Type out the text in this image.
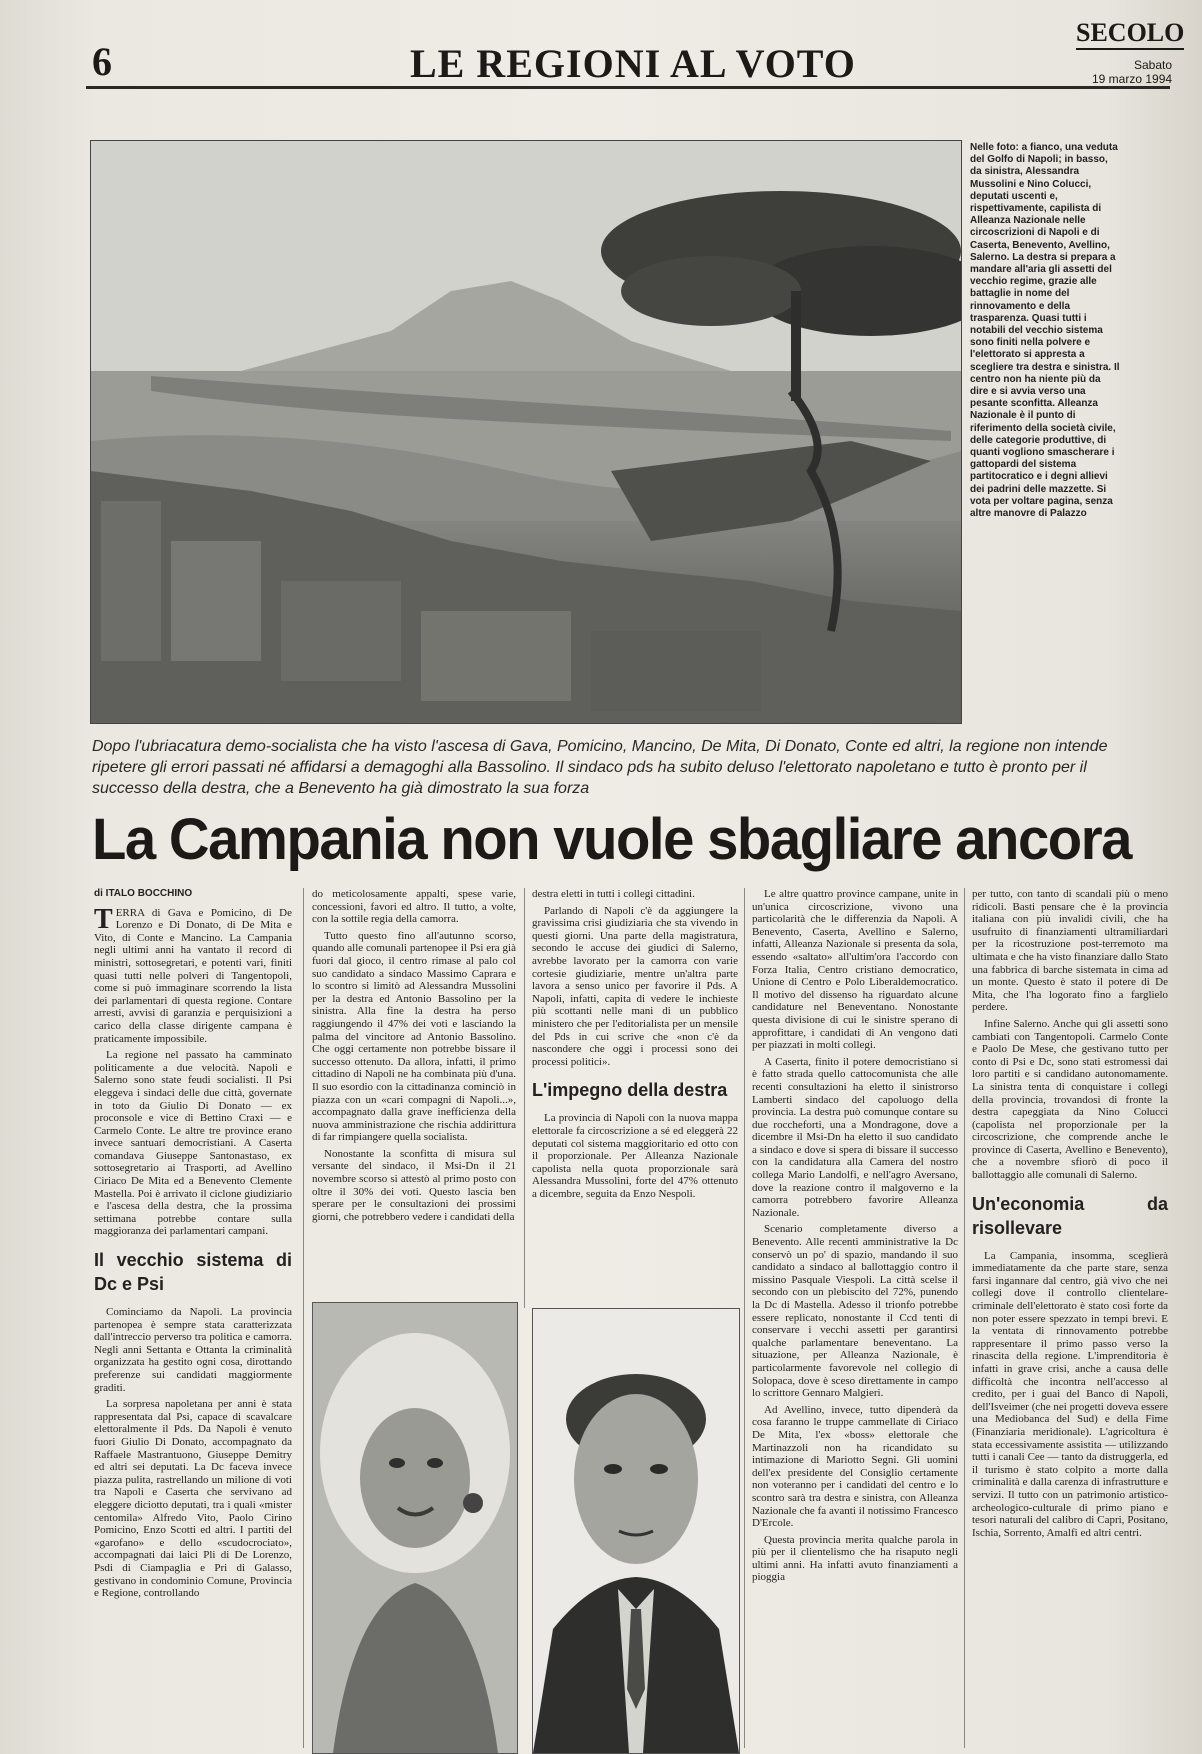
6	LE REGIONI AL VOTO
SECOLO
Sabato
19 marzo 1994
Nelle foto: a fianco, una veduta del Golfo di Napoli; in basso, da sinistra, Alessandra Mussolini e Nino Colucci, deputati uscenti e, rispettivamente, capilista di Alleanza Nazionale nelle circoscrizioni di Napoli e di Caserta, Benevento, Avellino, Salerno. La destra si prepara a mandare all'aria gli assetti del vecchio regime, grazie alle battaglie in nome del rinnovamento e della trasparenza. Quasi tutti i notabili del vecchio sistema sono finiti nella polvere e l'elettorato si appresta a scegliere tra destra e sinistra. Il centro non ha niente più da dire e si avvia verso una pesante sconfitta. Alleanza Nazionale è il punto di riferimento della società civile, delle categorie produttive, di quanti vogliono smascherare i gattopardi del sistema partitocratico e i degni allievi dei padrini delle mazzette. Si vota per voltare pagina, senza altre manovre di Palazzo
Dopo l'ubriacatura demo-socialista che ha visto l'ascesa di Gava, Pomicino, Mancino, De Mita, Di Donato, Conte ed altri, la regione non intende ripetere gli errori passati né affidarsi a demagoghi alla Bassolino. Il sindaco pds ha subito deluso l'elettorato napoletano e tutto è pronto per il successo della destra, che a Benevento ha già dimostrato la sua forza
La Campania non vuole sbagliare ancora
di ITALO BOCCHINO

TERRA di Gava e Pomicino, di De Lorenzo e Di Donato, di De Mita e Vito, di Conte e Mancino. La Campania negli ultimi anni ha vantato il record di ministri, sottosegretari, e potenti vari, finiti quasi tutti nelle polveri di Tangentopoli, come si può immaginare scorrendo la lista dei parlamentari di questa regione. Contare arresti, avvisi di garanzia e perquisizioni a carico della classe dirigente campana è praticamente impossibile.

La regione nel passato ha camminato politicamente a due velocità. Napoli e Salerno sono state feudi socialisti. Il Psi eleggeva i sindaci delle due città, governate in toto da Giulio Di Donato — ex proconsole e vice di Bettino Craxi — e Carmelo Conte. Le altre tre province erano invece santuari democristiani. A Caserta comandava Giuseppe Santonastaso, ex sottosegretario ai Trasporti, ad Avellino Ciriaco De Mita ed a Benevento Clemente Mastella. Poi è arrivato il ciclone giudiziario e l'ascesa della destra, che la prossima settimana potrebbe contare sulla maggioranza dei parlamentari campani.

Il vecchio sistema di Dc e Psi

Cominciamo da Napoli. La provincia partenopea è sempre stata caratterizzata dall'intreccio perverso tra politica e camorra. Negli anni Settanta e Ottanta la criminalità organizzata ha gestito ogni cosa, dirottando preferenze sui candidati maggiormente graditi.

La sorpresa napoletana per anni è stata rappresentata dal Psi, capace di scavalcare elettoralmente il Pds. Da Napoli è venuto fuori Giulio Di Donato, accompagnato da Raffaele Mastrantuono, Giuseppe Demitry ed altri sei deputati. La Dc faceva invece piazza pulita, rastrellando un milione di voti tra Napoli e Caserta che servivano ad eleggere diciotto deputati, tra i quali «mister centomila» Alfredo Vito, Paolo Cirino Pomicino, Enzo Scotti ed altri. I partiti del «garofano» e dello «scudocrociato», accompagnati dai laici Pli di De Lorenzo, Psdi di Ciampaglia e Pri di Galasso, gestivano in condominio Comune, Provincia e Regione, controllando

do meticolosamente appalti, spese varie, concessioni, favori ed altro. Il tutto, a volte, con la sottile regia della camorra.

Tutto questo fino all'autunno scorso, quando alle comunali partenopee il Psi era già fuori dal gioco, il centro rimase al palo col suo candidato a sindaco Massimo Caprara e lo scontro si limitò ad Alessandra Mussolini per la destra ed Antonio Bassolino per la sinistra. Alla fine la destra ha perso raggiungendo il 47% dei voti e lasciando la palma del vincitore ad Antonio Bassolino. Che oggi certamente non potrebbe bissare il successo ottenuto. Da allora, infatti, il primo cittadino di Napoli ne ha combinata più d'una. Il suo esordio con la cittadinanza cominciò in piazza con un «cari compagni di Napoli...», accompagnato dalla grave inefficienza della nuova amministrazione che rischia addirittura di far rimpiangere quella socialista.

Nonostante la sconfitta di misura sul versante del sindaco, il Msi-Dn il 21 novembre scorso si attestò al primo posto con oltre il 30% dei voti. Questo lascia ben sperare per le consultazioni dei prossimi giorni, che potrebbero vedere i candidati della

destra eletti in tutti i collegi cittadini.

Parlando di Napoli c'è da aggiungere la gravissima crisi giudiziaria che sta vivendo in questi giorni. Una parte della magistratura, secondo le accuse dei giudici di Salerno, avrebbe lavorato per la camorra con varie cortesie giudiziarie, mentre un'altra parte lavora a senso unico per favorire il Pds. A Napoli, infatti, capita di vedere le inchieste più scottanti nelle mani di un pubblico ministero che per l'editorialista per un mensile del Pds in cui scrive che «non c'è da nascondere che oggi i processi sono dei processi politici».

L'impegno della destra

La provincia di Napoli con la nuova mappa elettorale fa circoscrizione a sé ed eleggerà 22 deputati col sistema maggioritario ed otto con il proporzionale. Per Alleanza Nazionale capolista nella quota proporzionale sarà Alessandra Mussolini, forte del 47% ottenuto a dicembre, seguita da Enzo Nespoli.

Le altre quattro province campane, unite in un'unica circoscrizione, vivono una particolarità che le differenzia da Napoli. A Benevento, Caserta, Avellino e Salerno, infatti, Alleanza Nazionale si presenta da sola, essendo «saltato» all'ultim'ora l'accordo con Forza Italia, Centro cristiano democratico, Unione di Centro e Polo Liberaldemocratico. Il motivo del dissenso ha riguardato alcune candidature nel Beneventano. Nonostante questa divisione di cui le sinistre sperano di approfittare, i candidati di An vengono dati per piazzati in molti collegi.

A Caserta, finito il potere democristiano si è fatto strada quello cattocomunista che alle recenti consultazioni ha eletto il sinistrorso Lamberti sindaco del capoluogo della provincia. La destra può comunque contare su due roccheforti, una a Mondragone, dove a dicembre il Msi-Dn ha eletto il suo candidato a sindaco e dove si spera di bissare il successo con la candidatura alla Camera del nostro collega Mario Landolfi, e nell'agro Aversano, dove la reazione contro il malgoverno e la camorra potrebbero favorire Alleanza Nazionale.

Scenario completamente diverso a Benevento. Alle recenti amministrative la Dc conservò un po' di spazio, mandando il suo candidato a sindaco al ballottaggio contro il missino Pasquale Viespoli. La città scelse il secondo con un plebiscito del 72%, punendo la Dc di Mastella. Adesso il trionfo potrebbe essere replicato, nonostante il Ccd tenti di conservare i vecchi assetti per garantirsi qualche parlamentare beneventano. La situazione, per Alleanza Nazionale, è particolarmente favorevole nel collegio di Solopaca, dove è sceso direttamente in campo lo scrittore Gennaro Malgieri.

Ad Avellino, invece, tutto dipenderà da cosa faranno le truppe cammellate di Ciriaco De Mita, l'ex «boss» elettorale che Martinazzoli non ha ricandidato su intimazione di Mariotto Segni. Gli uomini dell'ex presidente del Consiglio certamente non voteranno per i candidati del centro e lo scontro sarà tra destra e sinistra, con Alleanza Nazionale che fa avanti il notissimo Francesco D'Ercole.

Questa provincia merita qualche parola in più per il clientelismo che ha risaputo negli ultimi anni. Ha infatti avuto finanziamenti a pioggia

per tutto, con tanto di scandali più o meno ridicoli. Basti pensare che è la provincia italiana con più invalidi civili, che ha usufruito di finanziamenti ultramiliardari per la ricostruzione post-terremoto ma ultimata e che ha visto finanziare dallo Stato una fabbrica di barche sistemata in cima ad un monte. Questo è stato il potere di De Mita, che l'ha logorato fino a farglielo perdere.

Infine Salerno. Anche qui gli assetti sono cambiati con Tangentopoli. Carmelo Conte e Paolo De Mese, che gestivano tutto per conto di Psi e Dc, sono stati estromessi dai loro partiti e si candidano autonomamente. La sinistra tenta di conquistare i collegi della provincia, trovandosi di fronte la destra capeggiata da Nino Colucci (capolista nel proporzionale per la circoscrizione, che comprende anche le province di Caserta, Avellino e Benevento), che a novembre sfiorò di poco il ballottaggio alle comunali di Salerno.

Un'economia da risollevare

La Campania, insomma, sceglierà immediatamente da che parte stare, senza farsi ingannare dal centro, già vivo che nei collegi dove il controllo clientelare-criminale dell'elettorato è stato così forte da non poter essere spezzato in tempi brevi. E la ventata di rinnovamento potrebbe rappresentare il primo passo verso la rinascita della regione. L'imprenditoria è infatti in grave crisi, anche a causa delle difficoltà che incontra nell'accesso al credito, per i guai del Banco di Napoli, dell'Isveimer (che nei progetti doveva essere una Mediobanca del Sud) e della Fime (Finanziaria meridionale). L'agricoltura è stata eccessivamente assistita — utilizzando tutti i canali Cee — tanto da distruggerla, ed il turismo è stato colpito a morte dalla criminalità e dalla carenza di infrastrutture e servizi. Il tutto con un patrimonio artistico-archeologico-culturale di primo piano e tesori naturali del calibro di Capri, Positano, Ischia, Sorrento, Amalfi ed altri centri.
